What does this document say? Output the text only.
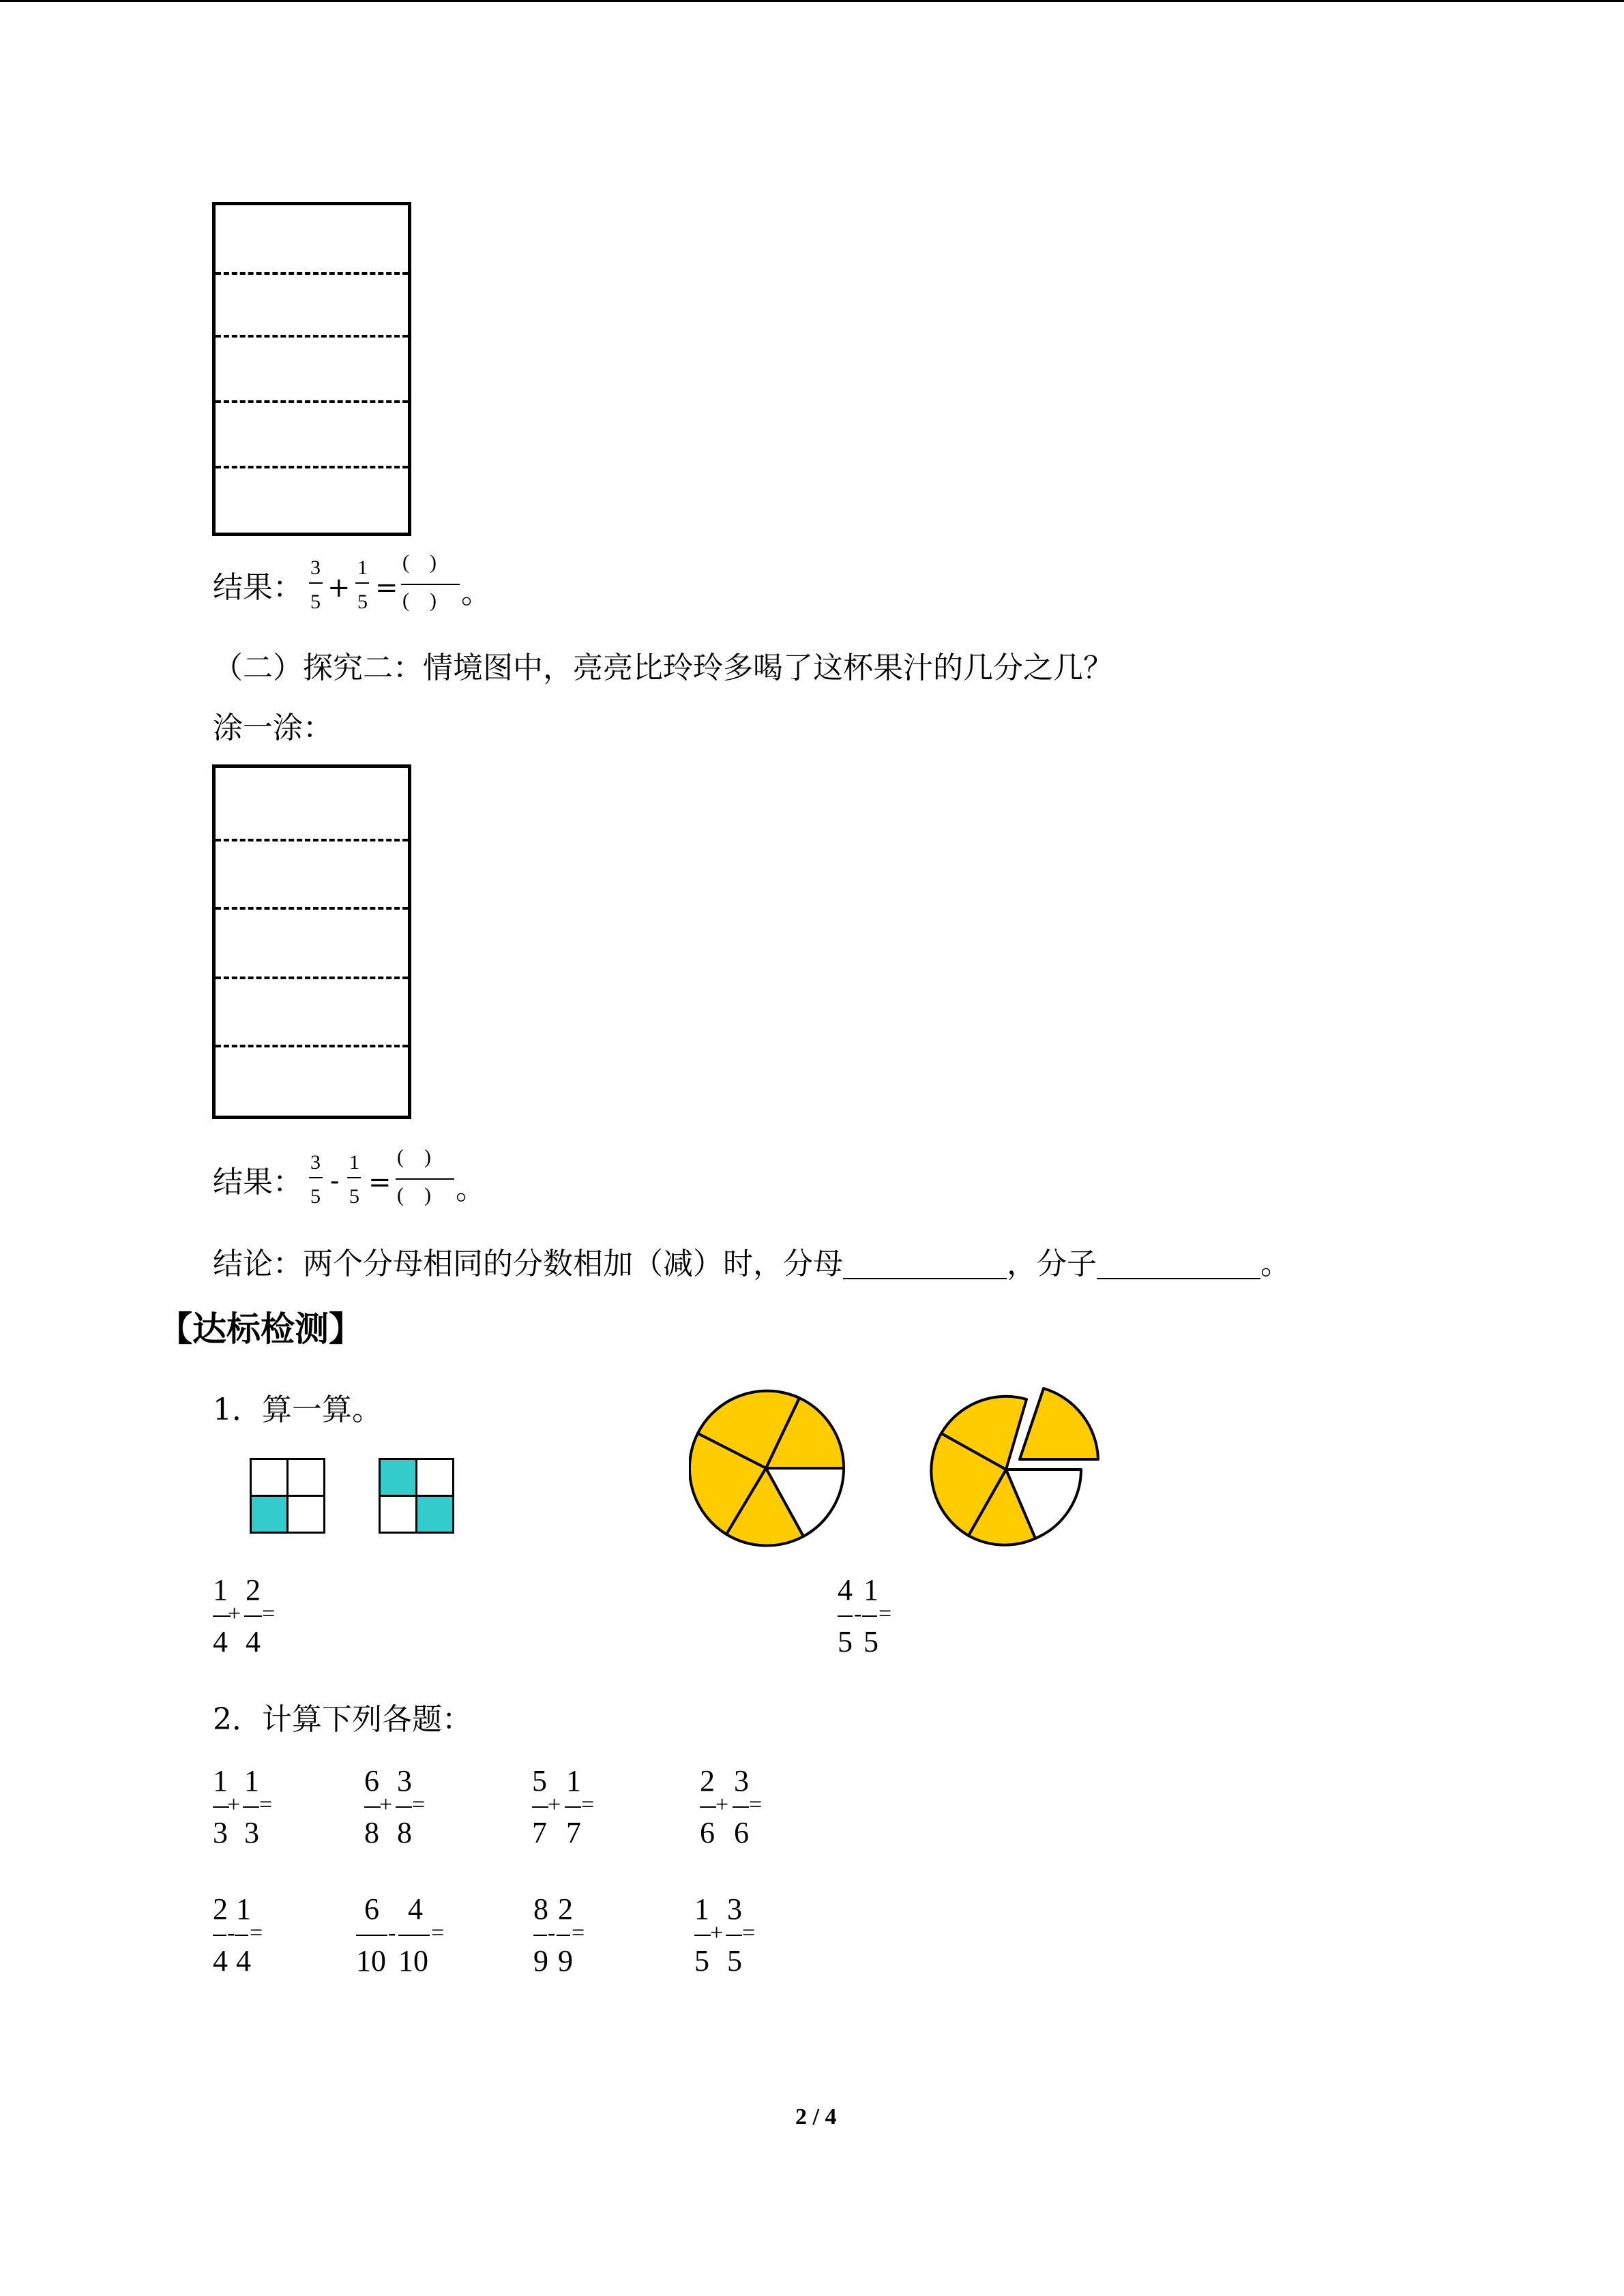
结果：
3
5 +
1
5 =
(　)
(　) 。
（二）探究二：情境图中，亮亮比玲玲多喝了这杯果汁的几分之几？
涂一涂：
结果：
3
5 -
1
5 =
(　)
(　) 。
结论：两个分母相同的分数相加（减）时，分母	，分子	。
【达标检测】
1．算一算。
1 2
+ =
4 4
4 1
- =
5 5
2．计算下列各题：
1 1
+ =
3 3
6 3
+ =
8 8
5 1
+ =
7 7
2 3
+ =
6 6
2 1
- =
4 4
6 4
- =
10 10
8 2
- =
9 9
1 3
+ =
5 5
2 / 4
